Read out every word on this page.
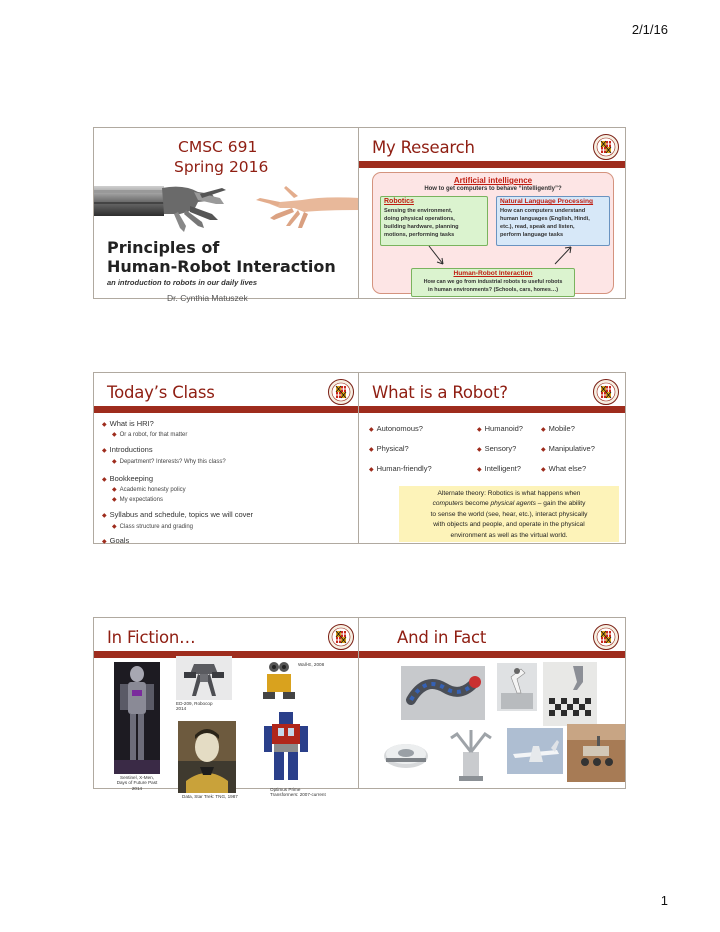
2/1/16
CMSC 691
Spring 2016
Principles of
Human-Robot Interaction
an introduction to robots in our daily lives
Dr. Cynthia Matuszek
My Research
2
Artificial intelligence
How to get computers to behave “intelligently”?
Robotics
Sensing the environment,
doing physical operations,
building hardware, planning
motions, performing tasks
Natural Language Processing
How can computers understand
human languages (English, Hindi,
etc.), read, speak and listen,
perform language tasks
Human-Robot Interaction
How can we go from industrial robots to useful robots
in human environments? (Schools, cars, homes…)
Today’s Class
3
◆ What is HRI?
◆ Or a robot, for that matter
◆ Introductions
◆ Department? Interests? Why this class?
◆ Bookkeeping
◆ Academic honesty policy
◆ My expectations
◆ Syllabus and schedule, topics we will cover
◆ Class structure and grading
◆ Goals
What is a Robot?
4
◆ Autonomous?	◆ Humanoid?	◆ Mobile?
◆ Physical?	◆ Sensory?	◆ Manipulative?
◆ Human-friendly?	◆ Intelligent?	◆ What else?
Alternate theory: Robotics is what happens when
computers become physical agents – gain the ability
to sense the world (see, hear, etc.), interact physically
with objects and people, and operate in the physical
environment as well as the virtual world.
In Fiction…
5
Sentinel, X-Men,
Days of Future Past
2014
ED-209, Robocop
2014
Data, Star Trek: TNG, 1987
Wall-E, 2008
Optimus Prime
Transformers: 2007-current
And in Fact
6
1
